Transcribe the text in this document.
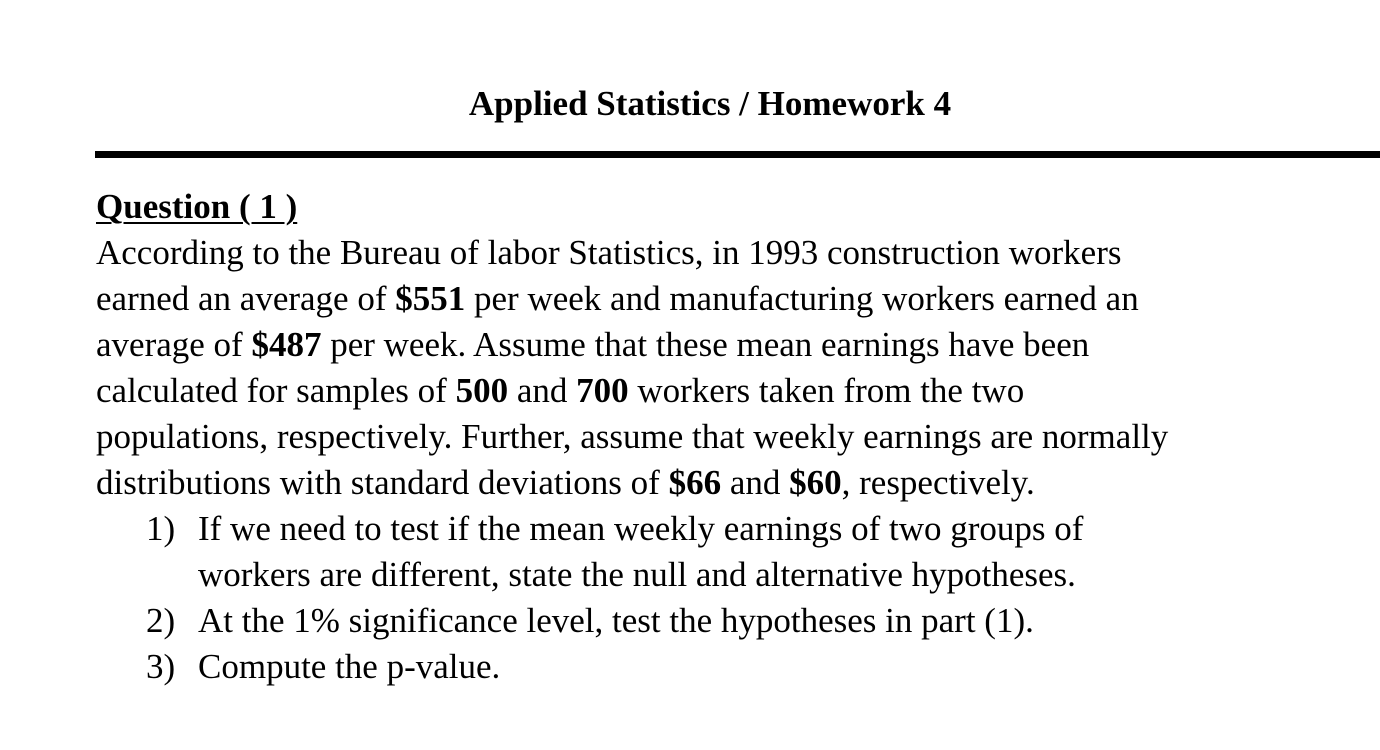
Applied Statistics / Homework 4
Question ( 1 )
According to the Bureau of labor Statistics, in 1993 construction workers
earned an average of $551 per week and manufacturing workers earned an
average of $487 per week. Assume that these mean earnings have been
calculated for samples of 500 and 700 workers taken from the two
populations, respectively. Further, assume that weekly earnings are normally
distributions with standard deviations of $66 and $60, respectively.
1) If we need to test if the mean weekly earnings of two groups of
workers are different, state the null and alternative hypotheses.
2) At the 1% significance level, test the hypotheses in part (1).
3) Compute the p-value.
